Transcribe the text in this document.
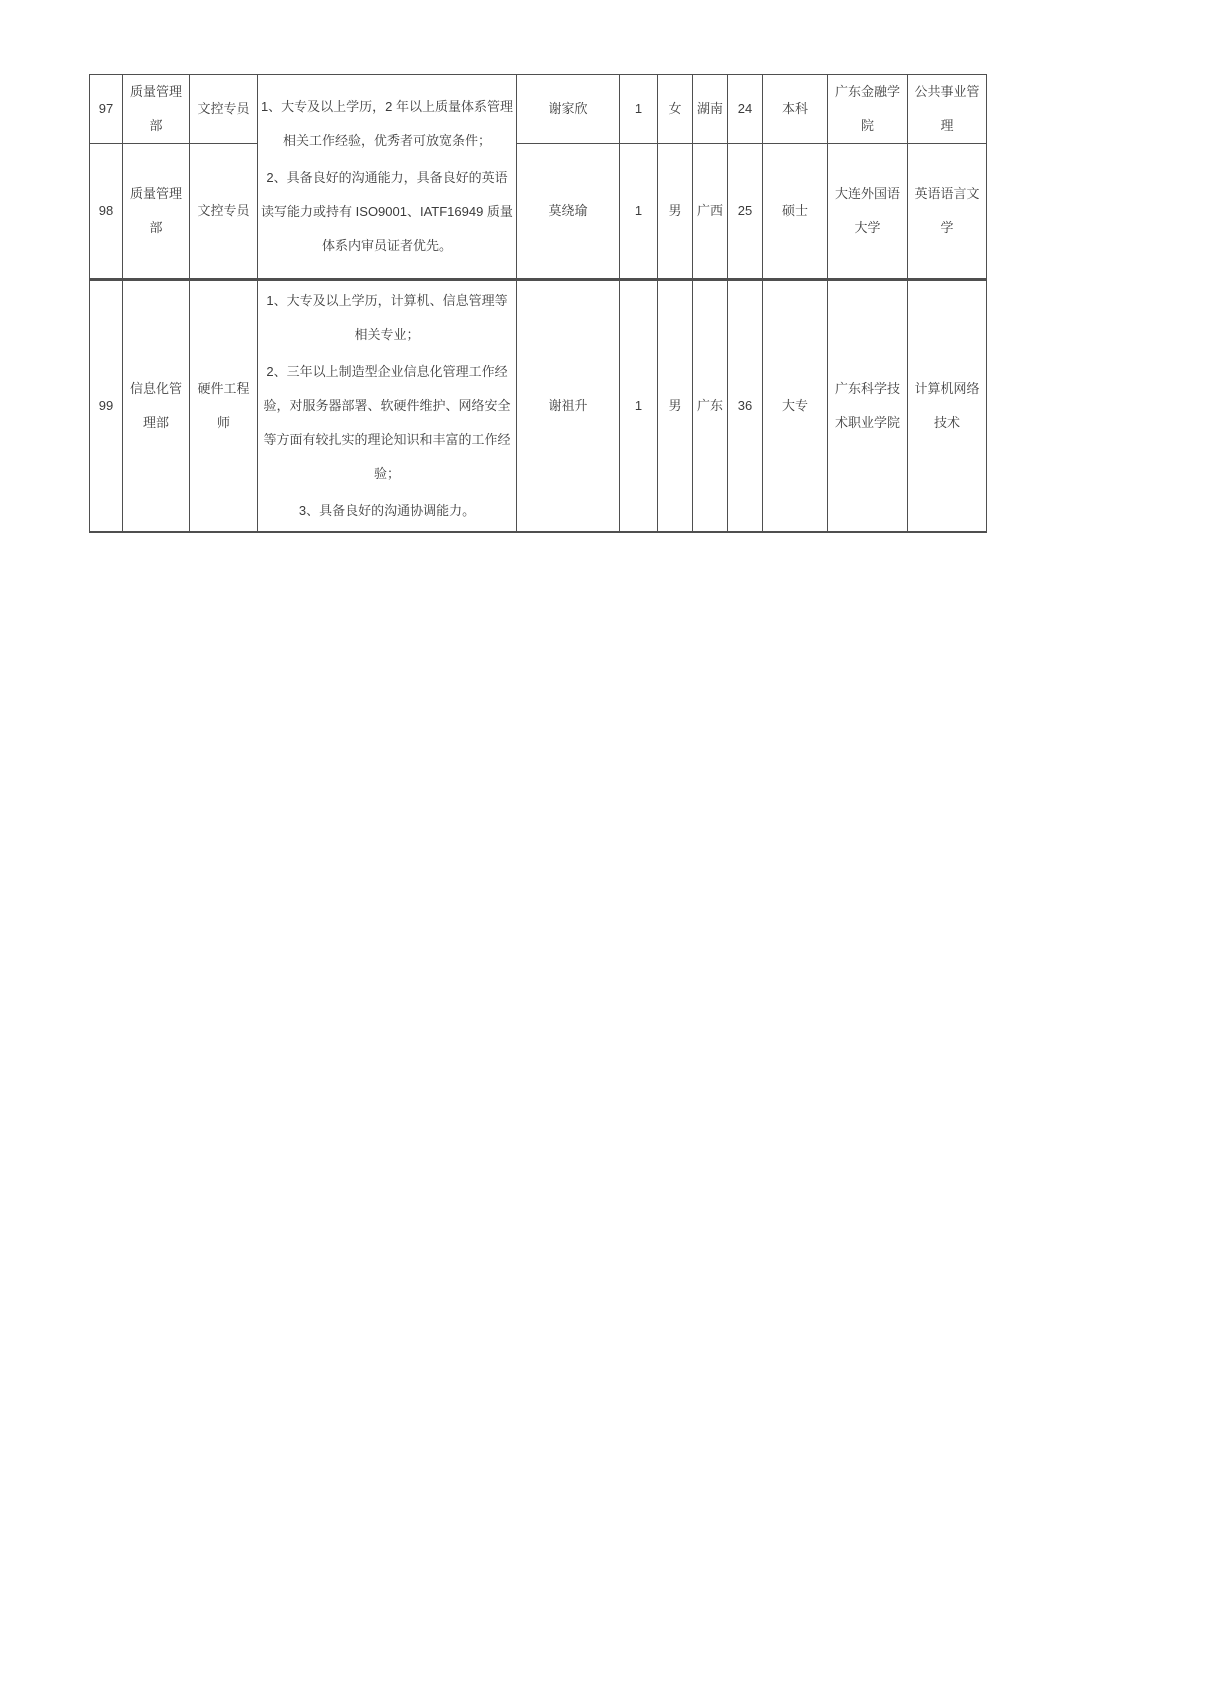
97	质量管理部	文控专员	1、大专及以上学历，2 年以上质量体系管理相关工作经验，优秀者可放宽条件；
2、具备良好的沟通能力，具备良好的英语读写能力或持有 ISO9001、IATF16949 质量体系内审员证者优先。	谢家欣	1	女	湖南	24	本科	广东金融学院	公共事业管理
98	质量管理部	文控专员		莫绕瑜	1	男	广西	25	硕士	大连外国语大学	英语语言文学
99	信息化管理部	硬件工程师	1、大专及以上学历，计算机、信息管理等相关专业；
2、三年以上制造型企业信息化管理工作经验，对服务器部署、软硬件维护、网络安全等方面有较扎实的理论知识和丰富的工作经验；
3、具备良好的沟通协调能力。	谢祖升	1	男	广东	36	大专	广东科学技术职业学院	计算机网络技术
